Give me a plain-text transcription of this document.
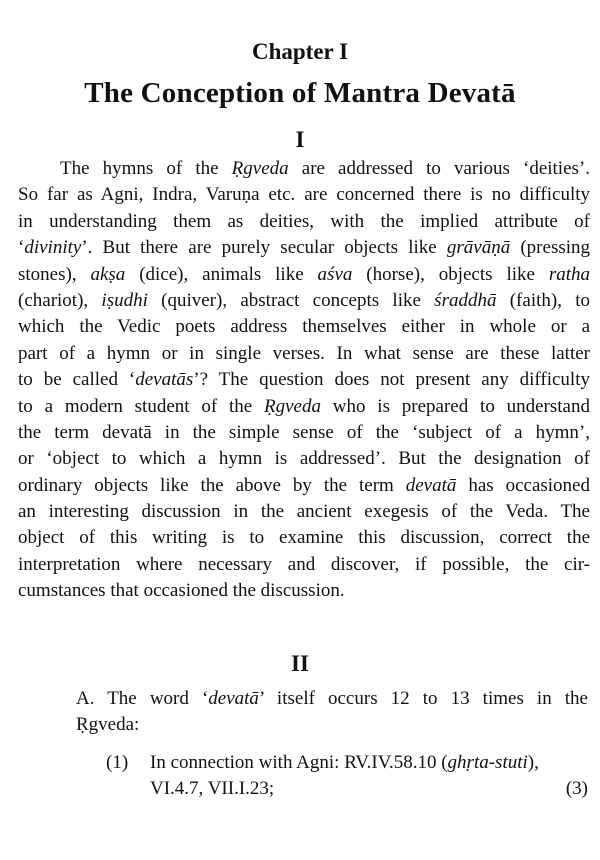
Chapter I
The Conception of Mantra Devatā
I
The hymns of the Ṛgveda are addressed to various ‘deities’.
So far as Agni, Indra, Varuṇa etc. are concerned there is no difficulty
in understanding them as deities, with the implied attribute of
‘divinity’. But there are purely secular objects like grāvāṇā (pressing
stones), akṣa (dice), animals like aśva (horse), objects like ratha
(chariot), iṣudhi (quiver), abstract concepts like śraddhā (faith), to
which the Vedic poets address themselves either in whole or a
part of a hymn or in single verses. In what sense are these latter
to be called ‘devatās’? The question does not present any difficulty
to a modern student of the Ṛgveda who is prepared to understand
the term devatā in the simple sense of the ‘subject of a hymn’,
or ‘object to which a hymn is addressed’. But the designation of
ordinary objects like the above by the term devatā has occasioned
an interesting discussion in the ancient exegesis of the Veda. The
object of this writing is to examine this discussion, correct the
interpretation where necessary and discover, if possible, the cir-
cumstances that occasioned the discussion.
II
A. The word ‘devatā’ itself occurs 12 to 13 times in the
Ṛgveda:
(1) In connection with Agni: RV.IV.58.10 (ghṛta-stuti),
VI.4.7, VII.I.23;	(3)
